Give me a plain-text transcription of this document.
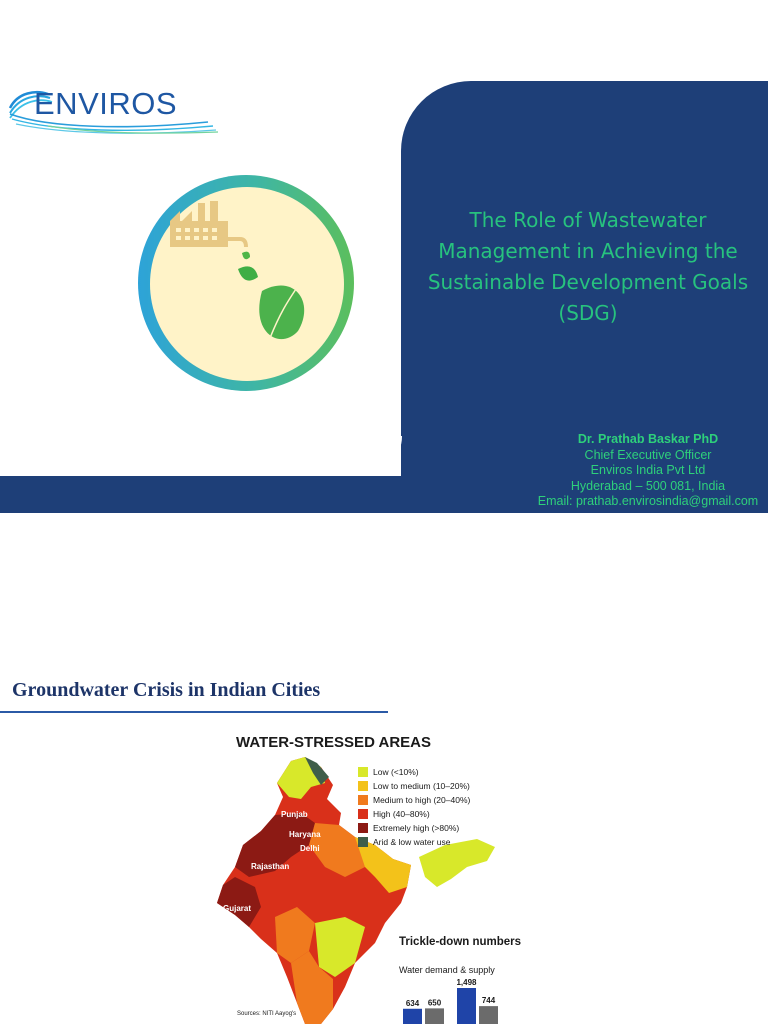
ENVIROS
The Role of Wastewater Management in Achieving the Sustainable Development Goals (SDG)
Dr. Prathab Baskar PhD
Chief Executive Officer
Enviros India Pvt Ltd
Hyderabad – 500 081, India
Email: prathab.envirosindia@gmail.com
Groundwater Crisis in Indian Cities
WATER-STRESSED AREAS
Punjab
Haryana
Delhi
Rajasthan
Gujarat
Low (<10%)
Low to medium (10–20%)
Medium to high (20–40%)
High (40–80%)
Extremely high (>80%)
Arid & low water use
Trickle-down numbers
Water demand & supply
634
1,498
650	744
Sources: NITI Aayog's
